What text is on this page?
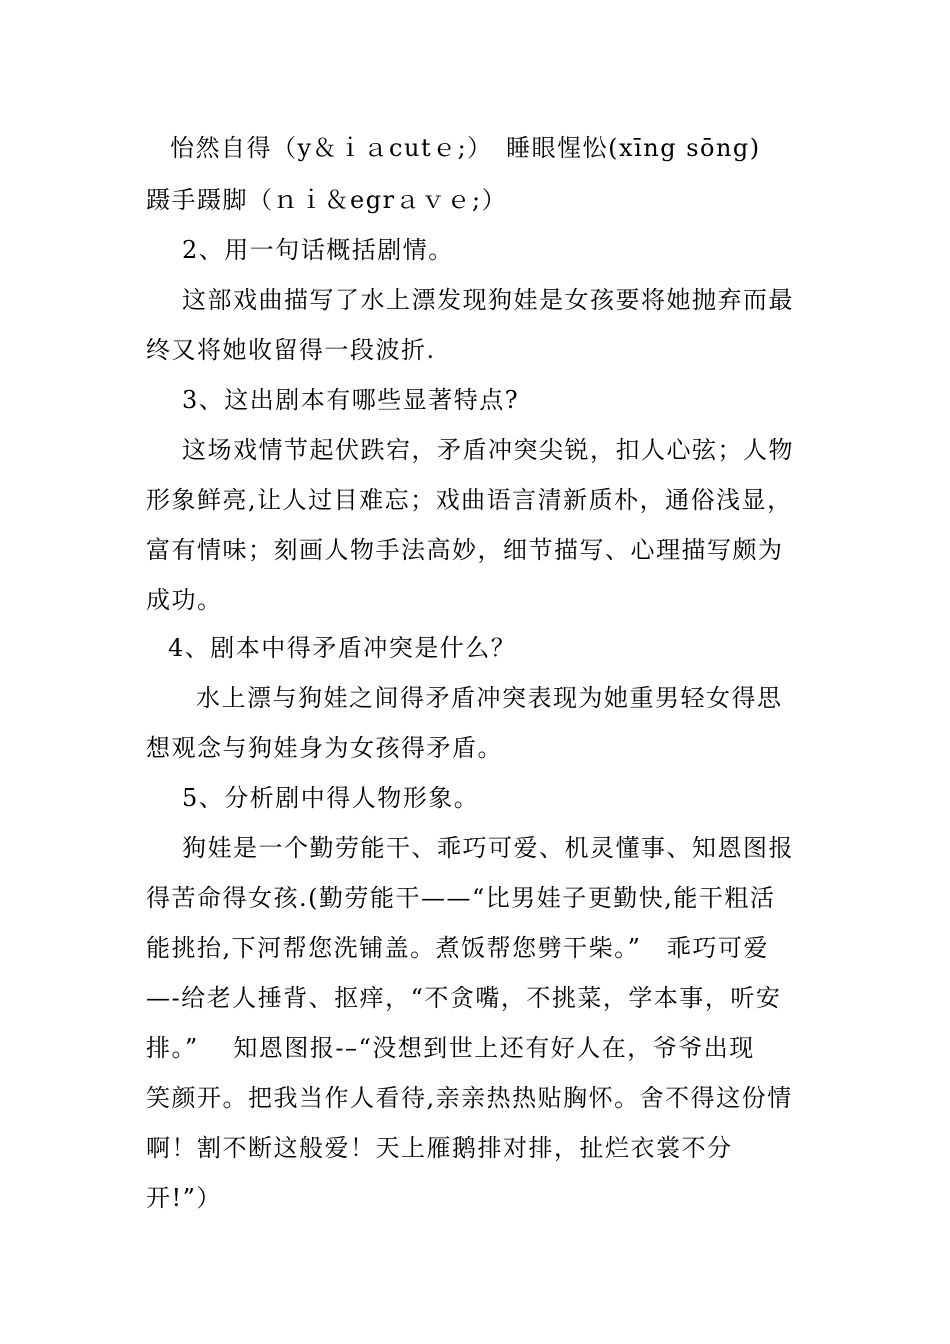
怡然自得（y＆ｉａcutｅ;）　睡眼惺忪(xīng sōng)
蹑手蹑脚（ｎｉ＆egrａｖｅ;）
2、用一句话概括剧情。
这部戏曲描写了水上漂发现狗娃是女孩要将她抛弃而最
终又将她收留得一段波折.
3、这出剧本有哪些显著特点?
这场戏情节起伏跌宕，矛盾冲突尖锐，扣人心弦；人物
形象鲜亮,让人过目难忘；戏曲语言清新质朴，通俗浅显，
富有情味；刻画人物手法高妙，细节描写、心理描写颇为
成功。
4、剧本中得矛盾冲突是什么？
水上漂与狗娃之间得矛盾冲突表现为她重男轻女得思
想观念与狗娃身为女孩得矛盾。
5、分析剧中得人物形象。
狗娃是一个勤劳能干、乖巧可爱、机灵懂事、知恩图报
得苦命得女孩.(勤劳能干——“比男娃子更勤快,能干粗活
能挑抬,下河帮您洗铺盖。煮饭帮您劈干柴。”　乖巧可爱
—-给老人捶背、抠痒，“不贪嘴，不挑菜，学本事，听安
排。”　 知恩图报-–“没想到世上还有好人在，爷爷出现
笑颜开。把我当作人看待,亲亲热热贴胸怀。舍不得这份情
啊！割不断这般爱！天上雁鹅排对排，扯烂衣裳不分
开!”）
